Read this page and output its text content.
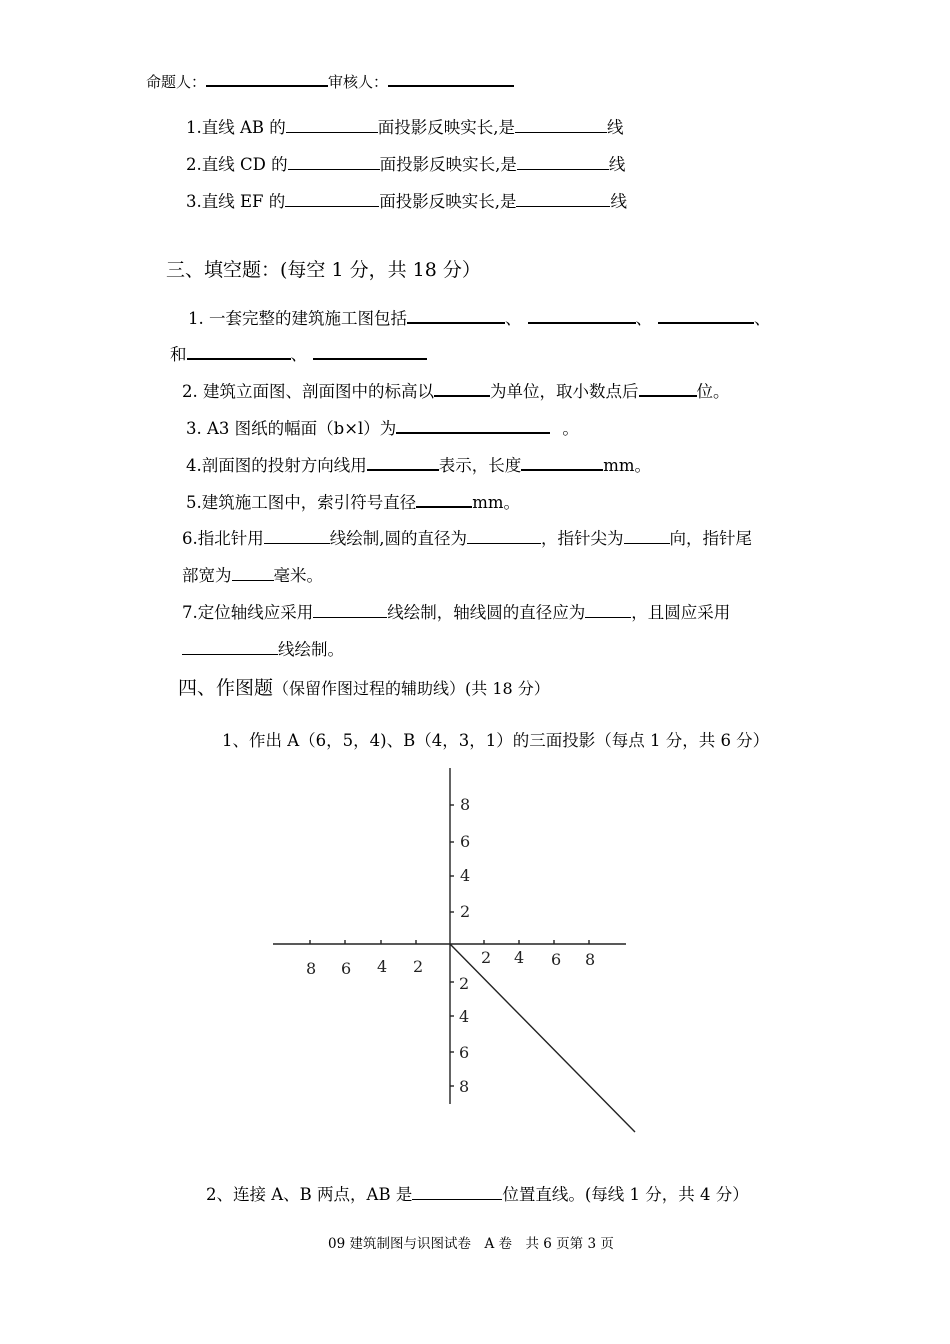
命题人：	审核人：
1.直线 AB 的	面投影反映实长,是	线
2.直线 CD 的	面投影反映实长,是	线
3.直线 EF 的	面投影反映实长,是	线
三、填空题：(每空 1 分，共 18 分）
1. 一套完整的建筑施工图包括	、	、	、
和	、
2. 建筑立面图、剖面图中的标高以	为单位，取小数点后	位。
3. A3 图纸的幅面（b×l）为	。
4.剖面图的投射方向线用	表示，长度	mm。
5.建筑施工图中，索引符号直径	mm。
6.指北针用	线绘制,圆的直径为	，指针尖为	向，指针尾
部宽为	毫米。
7.定位轴线应采用	线绘制，轴线圆的直径应为	，且圆应采用
线绘制。
四、作图题（保留作图过程的辅助线）(共 18 分）
1、作出 A（6，5，4)、B（4，3，1）的三面投影（每点 1 分，共 6 分）
8
6
4
2
2
4
6
8
8 6 4 2	2 4 6 8
2、连接 A、B 两点，AB 是	位置直线。(每线 1 分，共 4 分）
09 建筑制图与识图试卷　A 卷　共 6 页第 3 页
